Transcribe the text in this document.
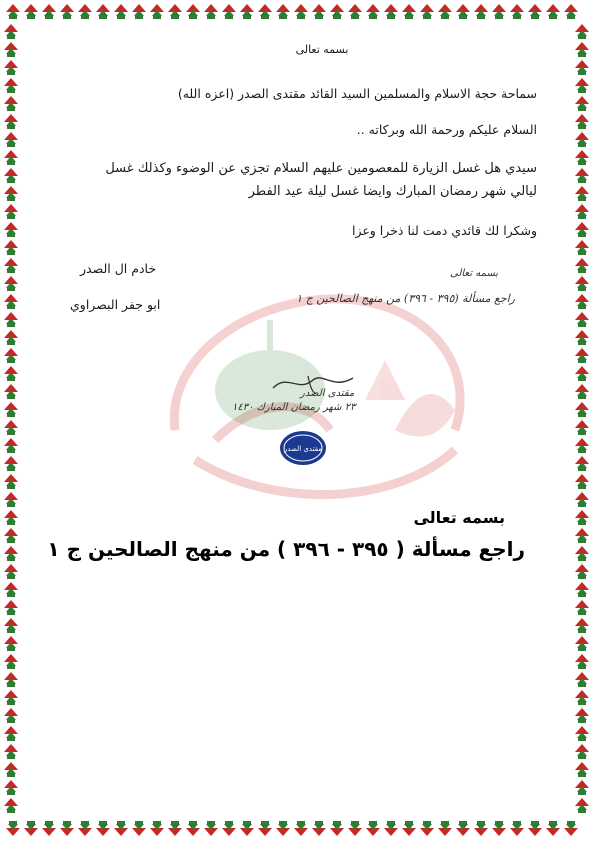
بسمه تعالى
سماحة حجة الاسلام والمسلمين السيد القائد مقتدى الصدر (اعزه الله)
السلام عليكم ورحمة الله وبركاته ..
سيدي هل غسل الزيارة للمعصومين عليهم السلام تجزي عن الوضوء وكذلك غسل
ليالي شهر رمضان المبارك وايضا غسل ليلة عيد الفطر
وشكرا لك قائدي دمت لنا ذخرا وعزا
خادم ال الصدر
ابو جفر البصراوي
بسمه تعالى
راجع مسألة (٣٩٥ - ٣٩٦) من منهج الصالحين ج ١
مقتدى الصدر
٢٣ شهر رمضان المبارك ١٤٣٠
مقتدى الصدر
بسمه تعالى
راجع مسألة ( ٣٩٥ - ٣٩٦ ) من منهج الصالحين ج ١
